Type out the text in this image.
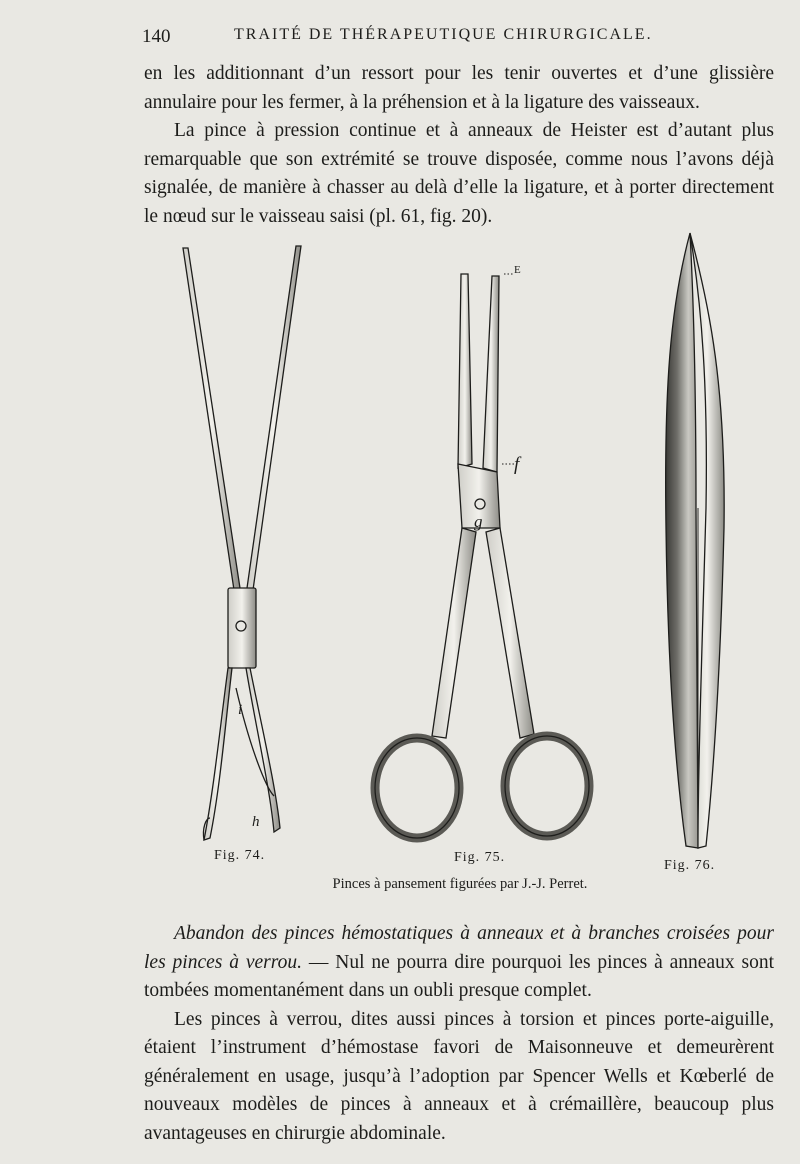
140	TRAITÉ DE THÉRAPEUTIQUE CHIRURGICALE.

en les additionnant d’un ressort pour les tenir ouvertes et d’une glissière annulaire pour les fermer, à la préhension et à la ligature des vaisseaux.

La pince à pression continue et à anneaux de Heister est d’autant plus remarquable que son extrémité se trouve disposée, comme nous l’avons déjà signalée, de manière à chasser au delà d’elle la ligature, et à porter directement le nœud sur le vaisseau saisi (pl. 61, fig. 20).

i
h
E
f
g
Fig. 74.	Fig. 75.
Fig. 76.
Pinces à pansement figurées par J.-J. Perret.

Abandon des pinces hémostatiques à anneaux et à branches croisées pour les pinces à verrou. — Nul ne pourra dire pourquoi les pinces à anneaux sont tombées momentanément dans un oubli presque complet.

Les pinces à verrou, dites aussi pinces à torsion et pinces porte-aiguille, étaient l’instrument d’hémostase favori de Maisonneuve et demeurèrent généralement en usage, jusqu’à l’adoption par Spencer Wells et Kœberlé de nouveaux modèles de pinces à anneaux et à crémaillère, beaucoup plus avantageuses en chirurgie abdominale.
